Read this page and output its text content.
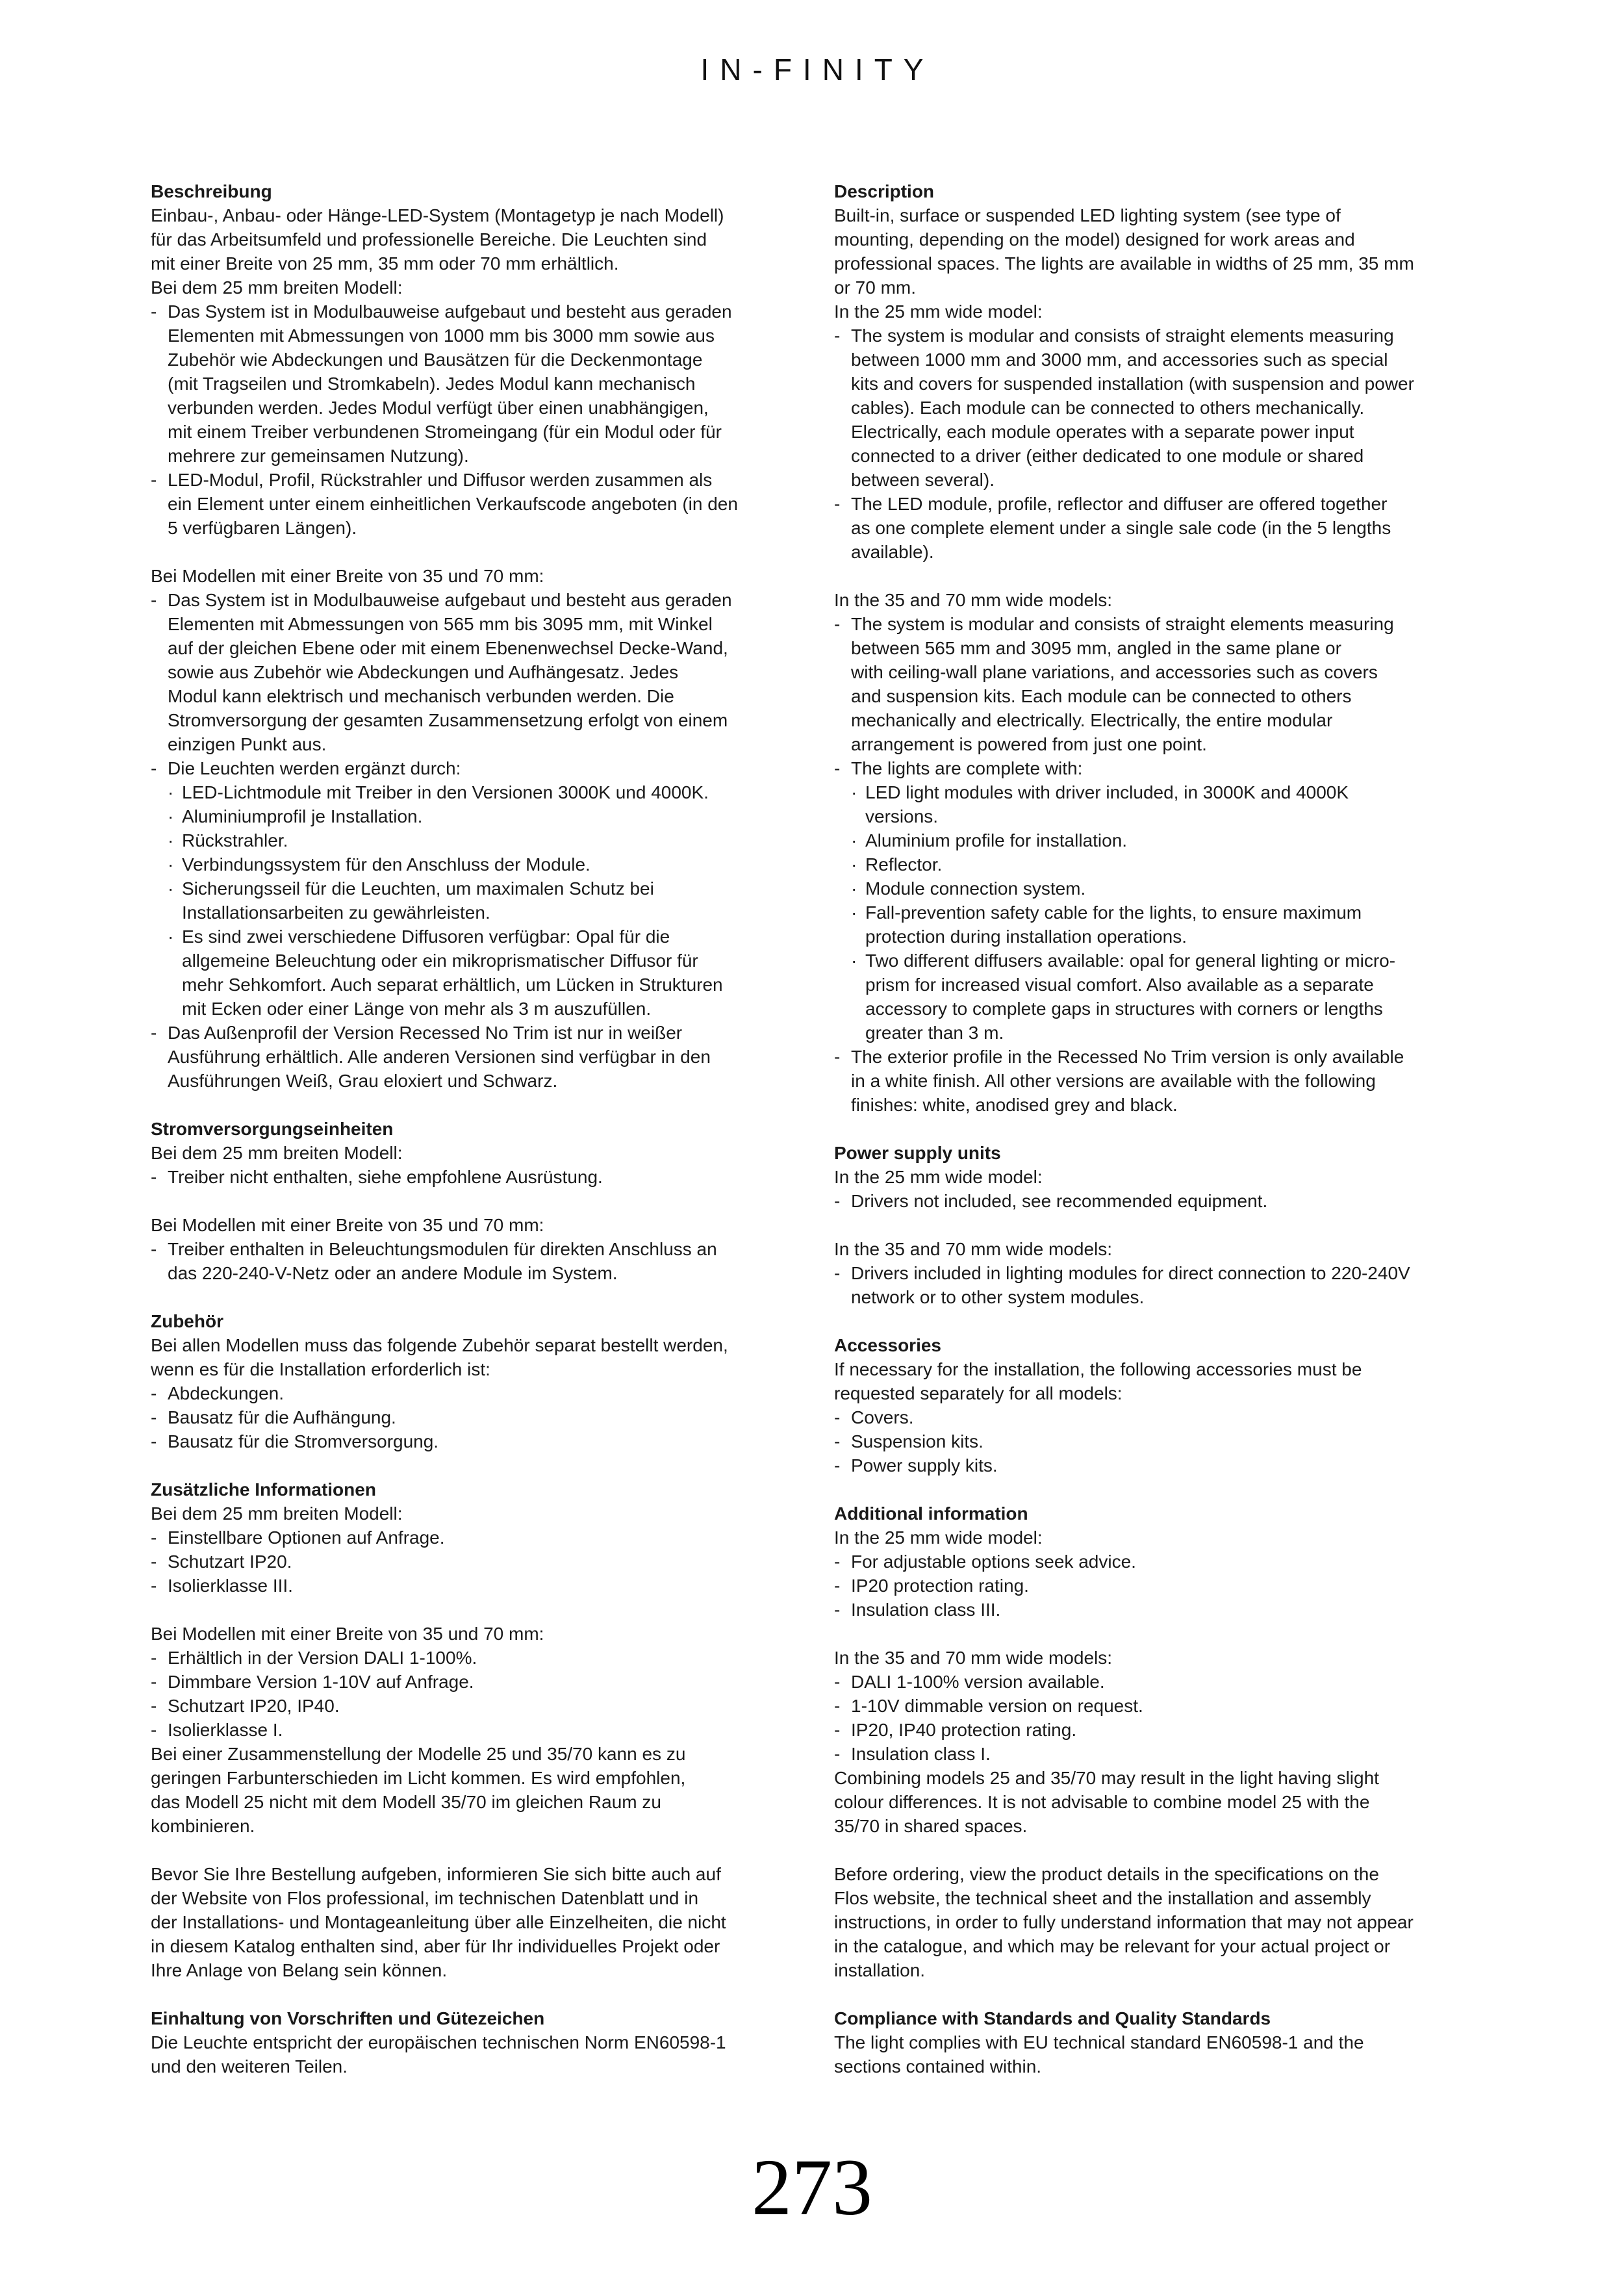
IN-FINITY
Beschreibung
Einbau-, Anbau- oder Hänge-LED-System (Montagetyp je nach Modell)
für das Arbeitsumfeld und professionelle Bereiche. Die Leuchten sind
mit einer Breite von 25 mm, 35 mm oder 70 mm erhältlich.
Bei dem 25 mm breiten Modell:
- Das System ist in Modulbauweise aufgebaut und besteht aus geraden
Elementen mit Abmessungen von 1000 mm bis 3000 mm sowie aus
Zubehör wie Abdeckungen und Bausätzen für die Deckenmontage
(mit Tragseilen und Stromkabeln). Jedes Modul kann mechanisch
verbunden werden. Jedes Modul verfügt über einen unabhängigen,
mit einem Treiber verbundenen Stromeingang (für ein Modul oder für
mehrere zur gemeinsamen Nutzung).
- LED-Modul, Profil, Rückstrahler und Diffusor werden zusammen als
ein Element unter einem einheitlichen Verkaufscode angeboten (in den
5 verfügbaren Längen).
Bei Modellen mit einer Breite von 35 und 70 mm:
- Das System ist in Modulbauweise aufgebaut und besteht aus geraden
Elementen mit Abmessungen von 565 mm bis 3095 mm, mit Winkel
auf der gleichen Ebene oder mit einem Ebenenwechsel Decke-Wand,
sowie aus Zubehör wie Abdeckungen und Aufhängesatz. Jedes
Modul kann elektrisch und mechanisch verbunden werden. Die
Stromversorgung der gesamten Zusammensetzung erfolgt von einem
einzigen Punkt aus.
- Die Leuchten werden ergänzt durch:
· LED-Lichtmodule mit Treiber in den Versionen 3000K und 4000K.
· Aluminiumprofil je Installation.
· Rückstrahler.
· Verbindungssystem für den Anschluss der Module.
· Sicherungsseil für die Leuchten, um maximalen Schutz bei
Installationsarbeiten zu gewährleisten.
· Es sind zwei verschiedene Diffusoren verfügbar: Opal für die
allgemeine Beleuchtung oder ein mikroprismatischer Diffusor für
mehr Sehkomfort. Auch separat erhältlich, um Lücken in Strukturen
mit Ecken oder einer Länge von mehr als 3 m auszufüllen.
- Das Außenprofil der Version Recessed No Trim ist nur in weißer
Ausführung erhältlich. Alle anderen Versionen sind verfügbar in den
Ausführungen Weiß, Grau eloxiert und Schwarz.
Stromversorgungseinheiten
Bei dem 25 mm breiten Modell:
- Treiber nicht enthalten, siehe empfohlene Ausrüstung.
Bei Modellen mit einer Breite von 35 und 70 mm:
- Treiber enthalten in Beleuchtungsmodulen für direkten Anschluss an
das 220-240-V-Netz oder an andere Module im System.
Zubehör
Bei allen Modellen muss das folgende Zubehör separat bestellt werden,
wenn es für die Installation erforderlich ist:
- Abdeckungen.
- Bausatz für die Aufhängung.
- Bausatz für die Stromversorgung.
Zusätzliche Informationen
Bei dem 25 mm breiten Modell:
- Einstellbare Optionen auf Anfrage.
- Schutzart IP20.
- Isolierklasse III.
Bei Modellen mit einer Breite von 35 und 70 mm:
- Erhältlich in der Version DALI 1-100%.
- Dimmbare Version 1-10V auf Anfrage.
- Schutzart IP20, IP40.
- Isolierklasse I.
Bei einer Zusammenstellung der Modelle 25 und 35/70 kann es zu
geringen Farbunterschieden im Licht kommen. Es wird empfohlen,
das Modell 25 nicht mit dem Modell 35/70 im gleichen Raum zu
kombinieren.
Bevor Sie Ihre Bestellung aufgeben, informieren Sie sich bitte auch auf
der Website von Flos professional, im technischen Datenblatt und in
der Installations- und Montageanleitung über alle Einzelheiten, die nicht
in diesem Katalog enthalten sind, aber für Ihr individuelles Projekt oder
Ihre Anlage von Belang sein können.
Einhaltung von Vorschriften und Gütezeichen
Die Leuchte entspricht der europäischen technischen Norm EN60598-1
und den weiteren Teilen.
Description
Built-in, surface or suspended LED lighting system (see type of
mounting, depending on the model) designed for work areas and
professional spaces. The lights are available in widths of 25 mm, 35 mm
or 70 mm.
In the 25 mm wide model:
- The system is modular and consists of straight elements measuring
between 1000 mm and 3000 mm, and accessories such as special
kits and covers for suspended installation (with suspension and power
cables). Each module can be connected to others mechanically.
Electrically, each module operates with a separate power input
connected to a driver (either dedicated to one module or shared
between several).
- The LED module, profile, reflector and diffuser are offered together
as one complete element under a single sale code (in the 5 lengths
available).
In the 35 and 70 mm wide models:
- The system is modular and consists of straight elements measuring
between 565 mm and 3095 mm, angled in the same plane or
with ceiling-wall plane variations, and accessories such as covers
and suspension kits. Each module can be connected to others
mechanically and electrically. Electrically, the entire modular
arrangement is powered from just one point.
- The lights are complete with:
· LED light modules with driver included, in 3000K and 4000K
versions.
· Aluminium profile for installation.
· Reflector.
· Module connection system.
· Fall-prevention safety cable for the lights, to ensure maximum
protection during installation operations.
· Two different diffusers available: opal for general lighting or micro-
prism for increased visual comfort. Also available as a separate
accessory to complete gaps in structures with corners or lengths
greater than 3 m.
- The exterior profile in the Recessed No Trim version is only available
in a white finish. All other versions are available with the following
finishes: white, anodised grey and black.
Power supply units
In the 25 mm wide model:
- Drivers not included, see recommended equipment.
In the 35 and 70 mm wide models:
- Drivers included in lighting modules for direct connection to 220-240V
network or to other system modules.
Accessories
If necessary for the installation, the following accessories must be
requested separately for all models:
- Covers.
- Suspension kits.
- Power supply kits.
Additional information
In the 25 mm wide model:
- For adjustable options seek advice.
- IP20 protection rating.
- Insulation class III.
In the 35 and 70 mm wide models:
- DALI 1-100% version available.
- 1-10V dimmable version on request.
- IP20, IP40 protection rating.
- Insulation class I.
Combining models 25 and 35/70 may result in the light having slight
colour differences. It is not advisable to combine model 25 with the
35/70 in shared spaces.
Before ordering, view the product details in the specifications on the
Flos website, the technical sheet and the installation and assembly
instructions, in order to fully understand information that may not appear
in the catalogue, and which may be relevant for your actual project or
installation.
Compliance with Standards and Quality Standards
The light complies with EU technical standard EN60598-1 and the
sections contained within.
273
